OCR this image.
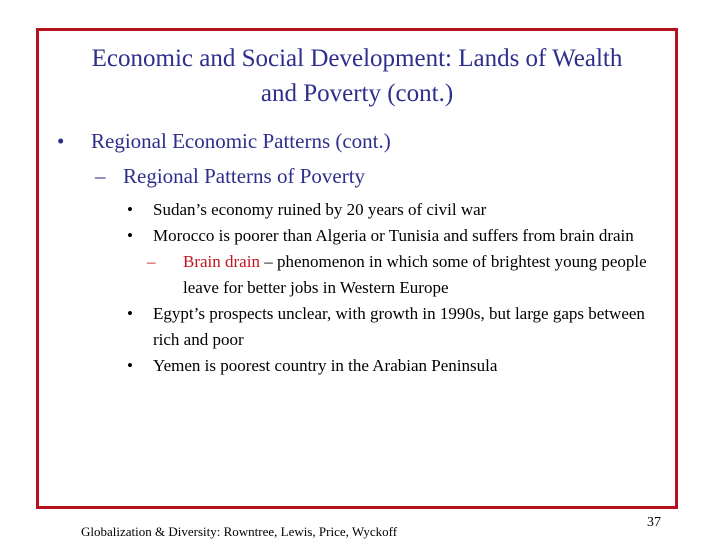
Economic and Social Development: Lands of Wealth
and Poverty (cont.)
• Regional Economic Patterns (cont.)
– Regional Patterns of Poverty
• Sudan’s economy ruined by 20 years of civil war
• Morocco is poorer than Algeria or Tunisia and suffers from brain drain
– Brain drain – phenomenon in which some of brightest young people leave for better jobs in Western Europe
• Egypt’s prospects unclear, with growth in 1990s, but large gaps between rich and poor
• Yemen is poorest country in the Arabian Peninsula
Globalization & Diversity: Rowntree, Lewis, Price, Wyckoff
37
